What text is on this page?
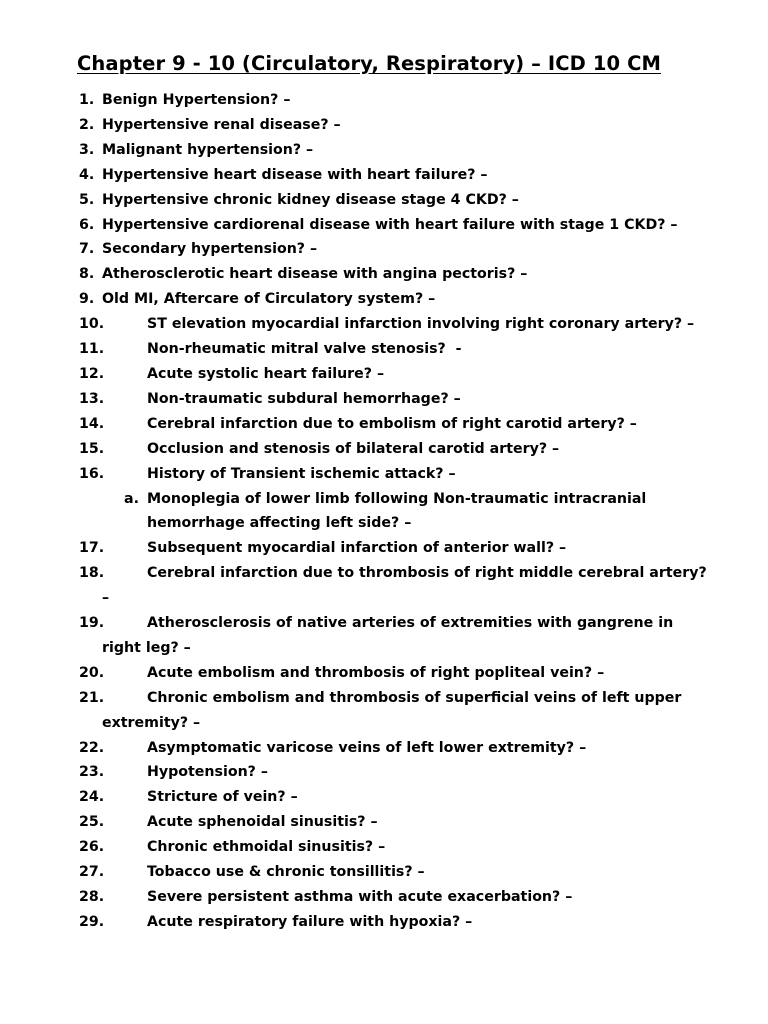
Chapter 9 - 10 (Circulatory, Respiratory) – ICD 10 CM
1. Benign Hypertension? –
2. Hypertensive renal disease? –
3. Malignant hypertension? –
4. Hypertensive heart disease with heart failure? –
5. Hypertensive chronic kidney disease stage 4 CKD? –
6. Hypertensive cardiorenal disease with heart failure with stage 1 CKD? –
7. Secondary hypertension? –
8. Atherosclerotic heart disease with angina pectoris? –
9. Old MI, Aftercare of Circulatory system? –
10.	ST elevation myocardial infarction involving right coronary artery? –
11.	Non-rheumatic mitral valve stenosis?  -
12.	Acute systolic heart failure? –
13.	Non-traumatic subdural hemorrhage? –
14.	Cerebral infarction due to embolism of right carotid artery? –
15.	Occlusion and stenosis of bilateral carotid artery? –
16.	History of Transient ischemic attack? –
a. Monoplegia of lower limb following Non-traumatic intracranial
hemorrhage affecting left side? –
17.	Subsequent myocardial infarction of anterior wall? –
18.	Cerebral infarction due to thrombosis of right middle cerebral artery?
–
19.	Atherosclerosis of native arteries of extremities with gangrene in
right leg? –
20.	Acute embolism and thrombosis of right popliteal vein? –
21.	Chronic embolism and thrombosis of superficial veins of left upper
extremity? –
22.	Asymptomatic varicose veins of left lower extremity? –
23.	Hypotension? –
24.	Stricture of vein? –
25.	Acute sphenoidal sinusitis? –
26.	Chronic ethmoidal sinusitis? –
27.	Tobacco use & chronic tonsillitis? –
28.	Severe persistent asthma with acute exacerbation? –
29.	Acute respiratory failure with hypoxia? –
